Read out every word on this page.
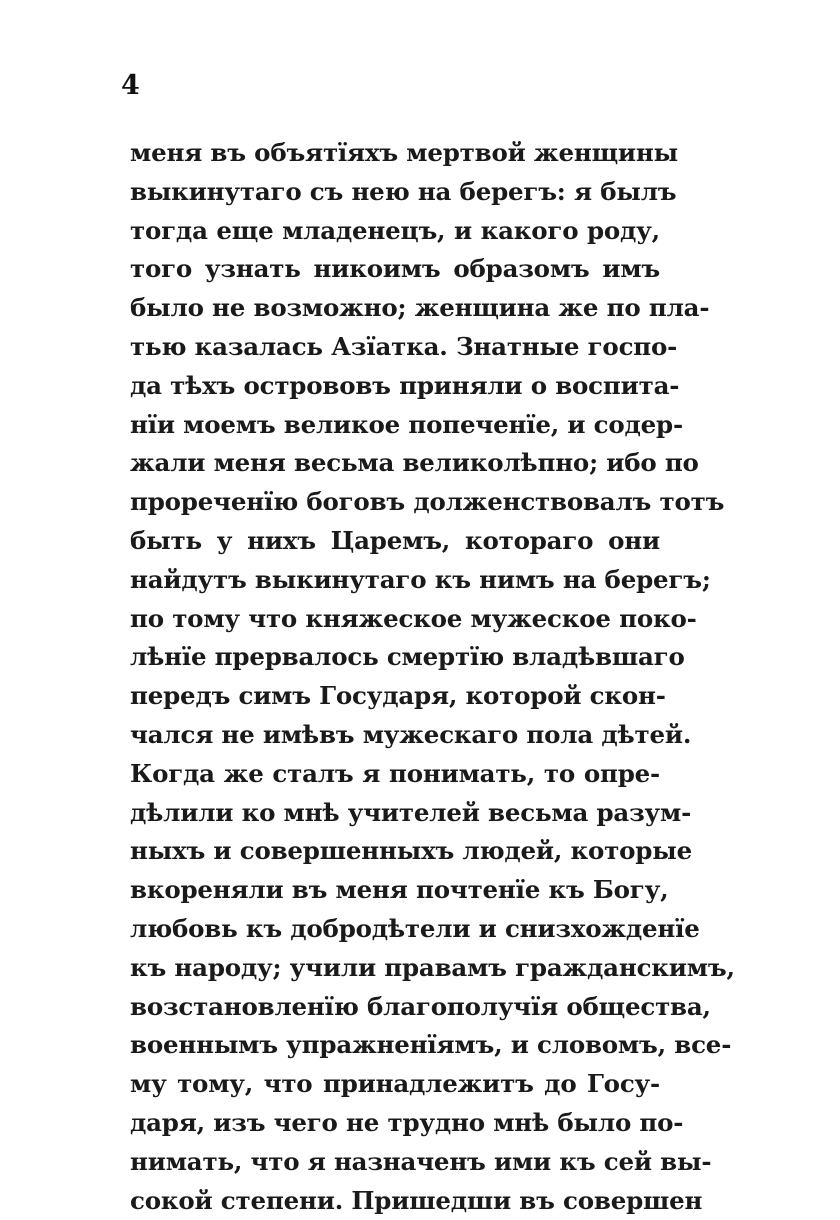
4
меня въ объятїяхъ мертвой женщины
выкинутаго съ нею на берегъ: я былъ
тогда еще младенецъ, и какого роду,
того узнать никоимъ образомъ имъ
было не возможно; женщина же по пла-
тью казалась Азїатка. Знатные госпо-
да тѣхъ острововъ приняли о воспита-
нїи моемъ великое попеченїе, и содер-
жали меня весьма великолѣпно; ибо по
прореченїю боговъ долженствовалъ тотъ
быть у нихъ Царемъ, котораго они
найдутъ выкинутаго къ нимъ на берегъ;
по тому что княжеское мужеское поко-
лѣнїе прервалось смертїю владѣвшаго
передъ симъ Государя, которой скон-
чался не имѣвъ мужескаго пола дѣтей.
Когда же сталъ я понимать, то опре-
дѣлили ко мнѣ учителей весьма разум-
ныхъ и совершенныхъ людей, которые
вкореняли въ меня почтенїе къ Богу,
любовь къ добродѣтели и снизхожденїе
къ народу; учили правамъ гражданскимъ,
возстановленїю благополучїя общества,
военнымъ упражненїямъ, и словомъ, все-
му тому, что принадлежитъ до Госу-
даря, изъ чего не трудно мнѣ было по-
нимать, что я назначенъ ими къ сей вы-
сокой степени. Пришедши въ совершен
